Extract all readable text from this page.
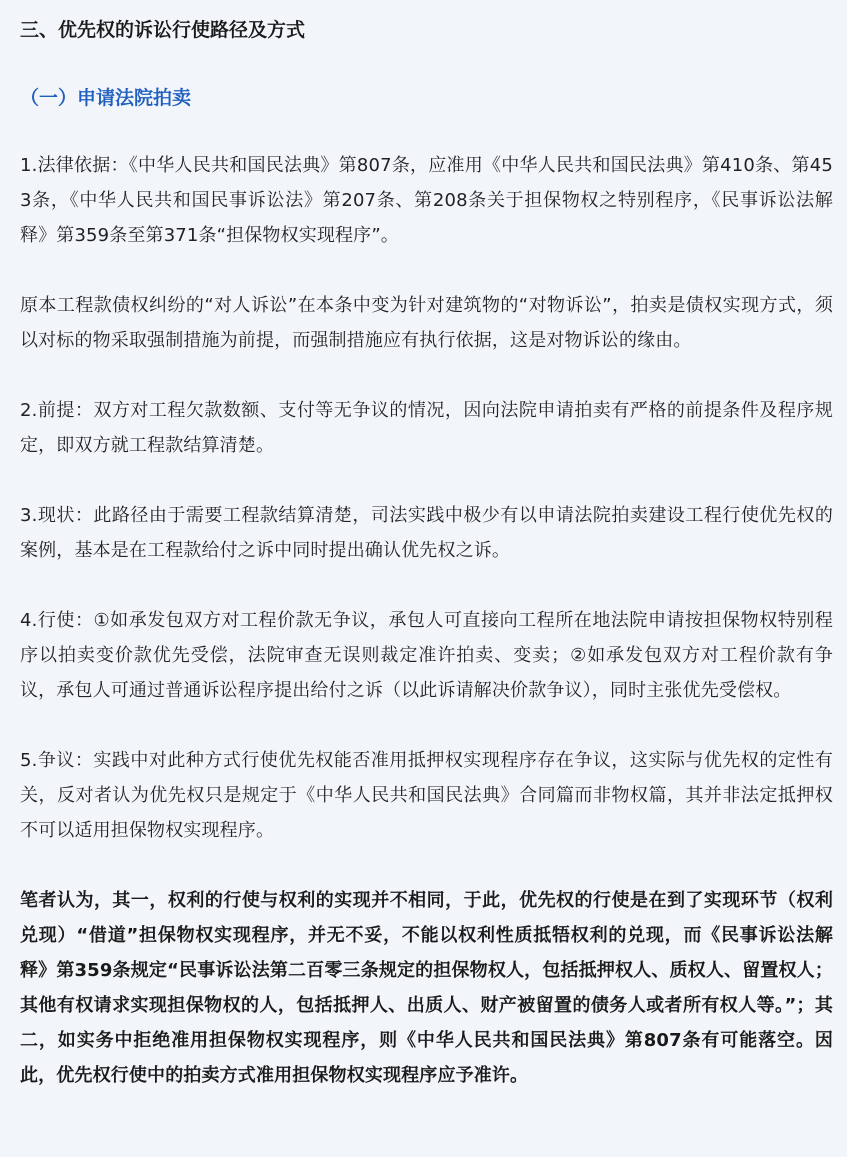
三、优先权的诉讼行使路径及方式
（一）申请法院拍卖

1.法律依据：《中华人民共和国民法典》第807条，应准用《中华人民共和国民法典》第410条、第453条，《中华人民共和国民事诉讼法》第207条、第208条关于担保物权之特别程序，《民事诉讼法解释》第359条至第371条“担保物权实现程序”。

原本工程款债权纠纷的“对人诉讼”在本条中变为针对建筑物的“对物诉讼”，拍卖是债权实现方式，须以对标的物采取强制措施为前提，而强制措施应有执行依据，这是对物诉讼的缘由。

2.前提：双方对工程欠款数额、支付等无争议的情况，因向法院申请拍卖有严格的前提条件及程序规定，即双方就工程款结算清楚。

3.现状：此路径由于需要工程款结算清楚，司法实践中极少有以申请法院拍卖建设工程行使优先权的案例，基本是在工程款给付之诉中同时提出确认优先权之诉。

4.行使：①如承发包双方对工程价款无争议，承包人可直接向工程所在地法院申请按担保物权特别程序以拍卖变价款优先受偿，法院审查无误则裁定准许拍卖、变卖；②如承发包双方对工程价款有争议，承包人可通过普通诉讼程序提出给付之诉（以此诉请解决价款争议），同时主张优先受偿权。

5.争议：实践中对此种方式行使优先权能否准用抵押权实现程序存在争议，这实际与优先权的定性有关，反对者认为优先权只是规定于《中华人民共和国民法典》合同篇而非物权篇，其并非法定抵押权不可以适用担保物权实现程序。

笔者认为，其一，权利的行使与权利的实现并不相同，于此，优先权的行使是在到了实现环节（权利兑现）“借道”担保物权实现程序，并无不妥，不能以权利性质抵牾权利的兑现，而《民事诉讼法解释》第359条规定“民事诉讼法第二百零三条规定的担保物权人，包括抵押权人、质权人、留置权人；其他有权请求实现担保物权的人，包括抵押人、出质人、财产被留置的债务人或者所有权人等。”；其二，如实务中拒绝准用担保物权实现程序，则《中华人民共和国民法典》第807条有可能落空。因此，优先权行使中的拍卖方式准用担保物权实现程序应予准许。
